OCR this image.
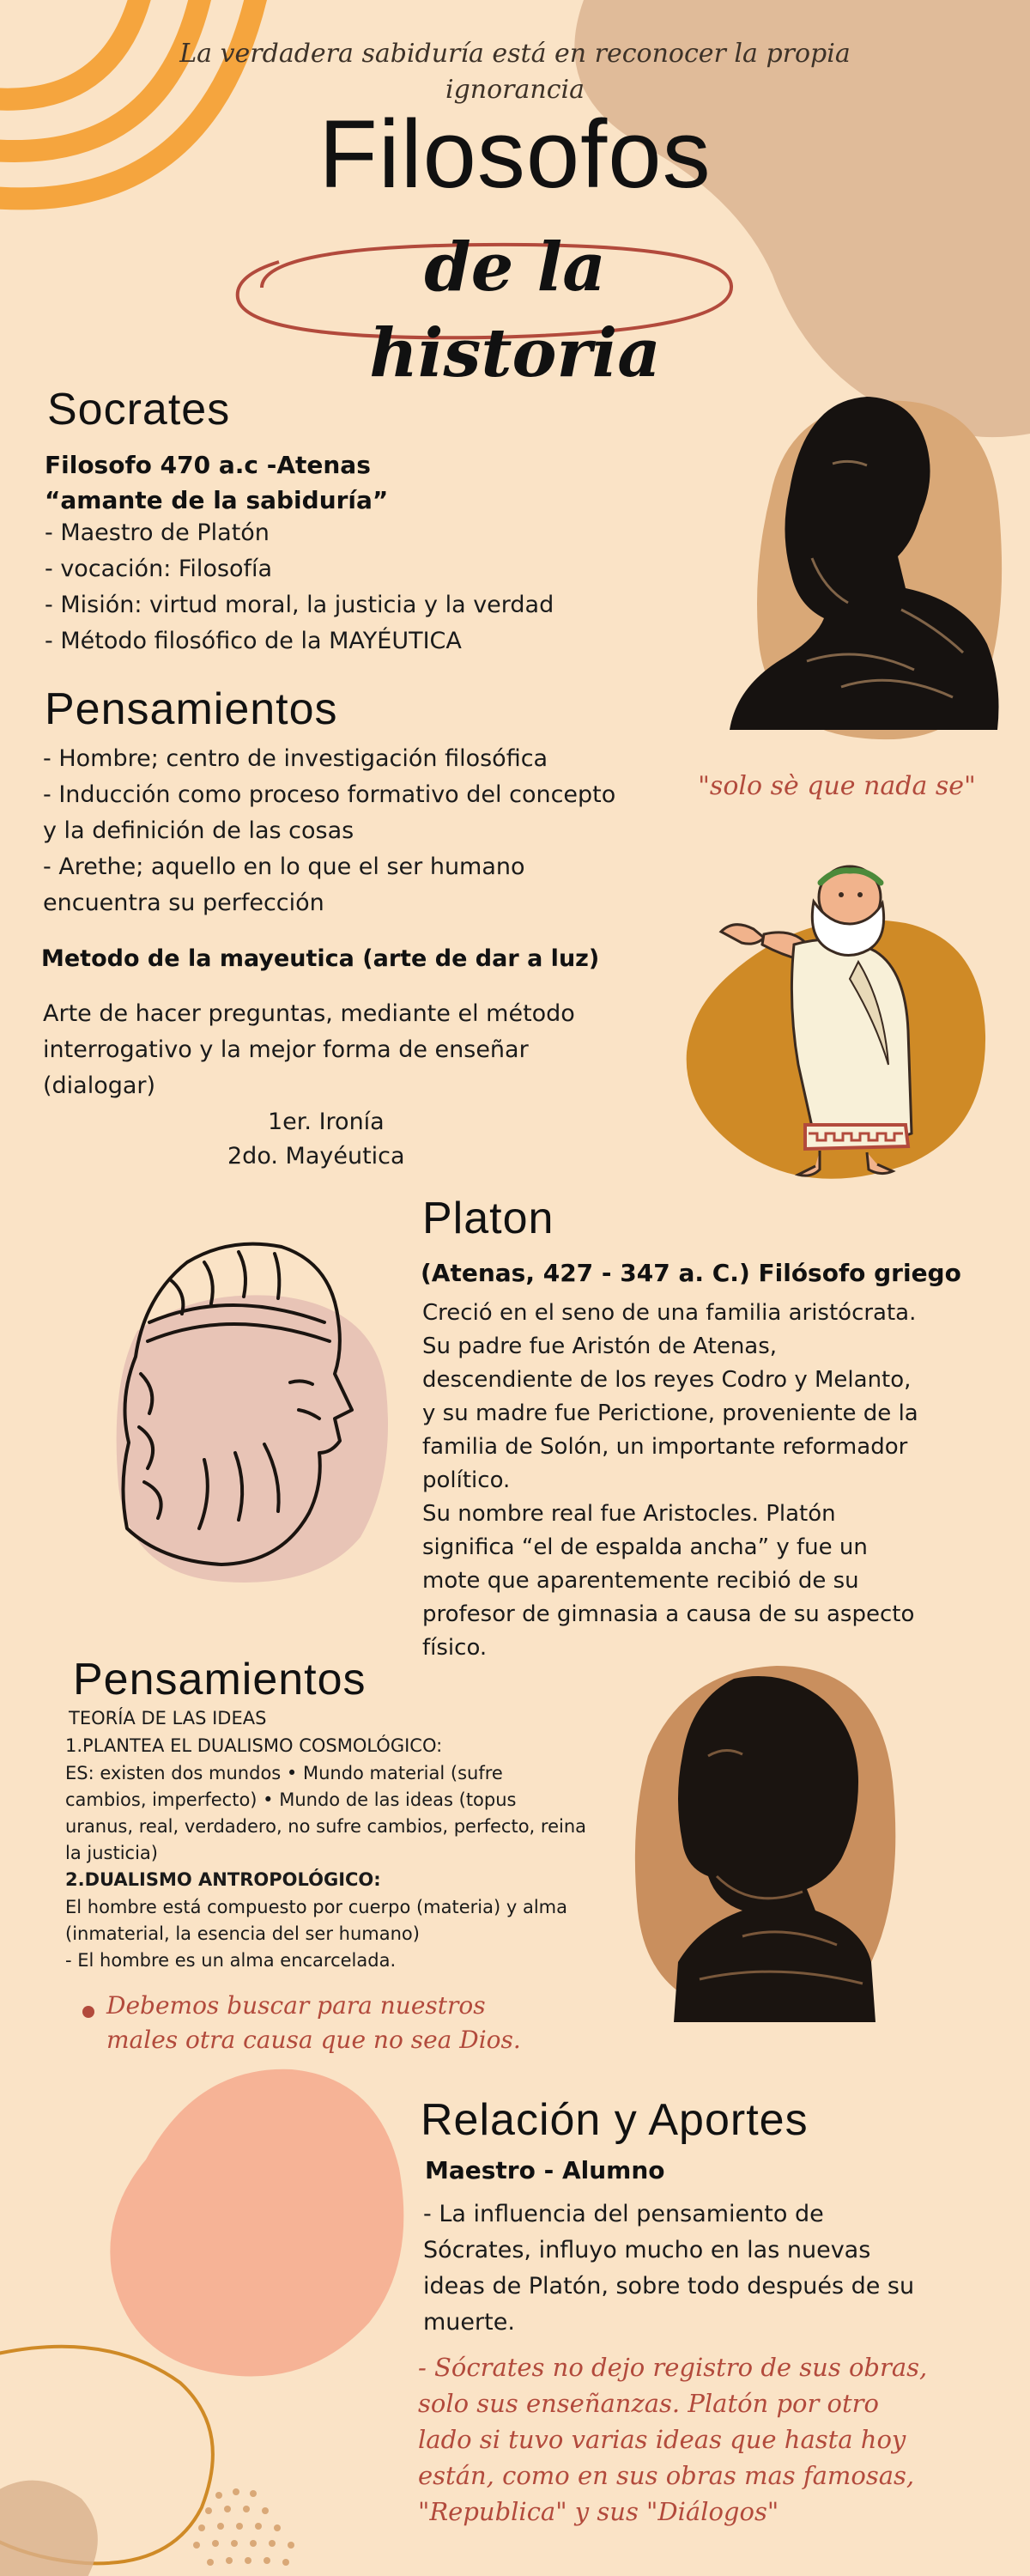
La verdadera sabiduría está en reconocer la propia ignorancia
Filosofos
de la historia
Socrates
Filosofo 470 a.c -Atenas
“amante de la sabiduría”
- Maestro de Platón
- vocación: Filosofía
- Misión: virtud moral, la justicia y la verdad
- Método filosófico de la MAYÉUTICA
"solo sè que nada se"
Pensamientos
- Hombre; centro de investigación filosófica
- Inducción como proceso formativo del concepto y la definición de las cosas
- Arethe; aquello en lo que el ser humano encuentra su perfección
Metodo de la mayeutica (arte de dar a luz)
Arte de hacer preguntas, mediante el método interrogativo y la mejor forma de enseñar (dialogar)
1er. Ironía
2do. Mayéutica
Platon
(Atenas, 427 - 347 a. C.) Filósofo griego
Creció en el seno de una familia aristócrata. Su padre fue Aristón de Atenas, descendiente de los reyes Codro y Melanto, y su madre fue Perictione, proveniente de la familia de Solón, un importante reformador político.
Su nombre real fue Aristocles. Platón significa “el de espalda ancha” y fue un mote que aparentemente recibió de su profesor de gimnasia a causa de su aspecto físico.
Pensamientos
TEORÍA DE LAS IDEAS
1.PLANTEA EL DUALISMO COSMOLÓGICO:
ES: existen dos mundos • Mundo material (sufre cambios, imperfecto) • Mundo de las ideas (topus uranus, real, verdadero, no sufre cambios, perfecto, reina la justicia)
2.DUALISMO ANTROPOLÓGICO:
El hombre está compuesto por cuerpo (materia) y alma (inmaterial, la esencia del ser humano)
- El hombre es un alma encarcelada.
Debemos buscar para nuestros males otra causa que no sea Dios.
Relación y Aportes
Maestro - Alumno
- La influencia del pensamiento de Sócrates, influyo mucho en las nuevas ideas de Platón, sobre todo después de su muerte.
- Sócrates no dejo registro de sus obras, solo sus enseñanzas. Platón por otro lado si tuvo varias ideas que hasta hoy están, como en sus obras mas famosas, "Republica" y sus "Diálogos"
